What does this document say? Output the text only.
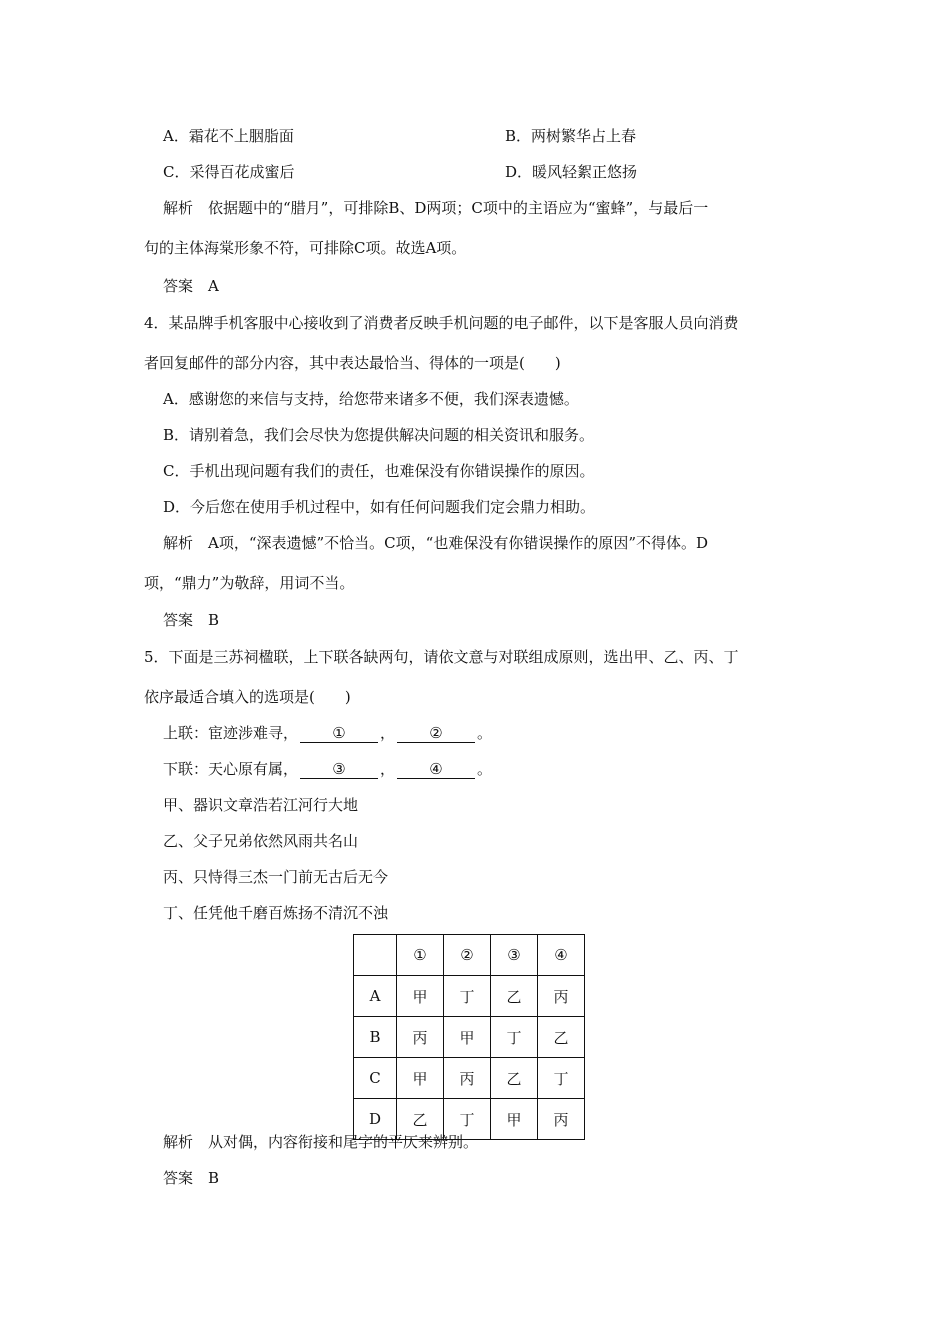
A．霜花不上胭脂面	B．两树繁华占上春
C．采得百花成蜜后	D．暖风轻絮正悠扬
解析　依据题中的“腊月”，可排除B、D两项；C项中的主语应为“蜜蜂”，与最后一
句的主体海棠形象不符，可排除C项。故选A项。
答案　A
4．某品牌手机客服中心接收到了消费者反映手机问题的电子邮件，以下是客服人员向消费
者回复邮件的部分内容，其中表达最恰当、得体的一项是(　　)
A．感谢您的来信与支持，给您带来诸多不便，我们深表遗憾。
B．请别着急，我们会尽快为您提供解决问题的相关资讯和服务。
C．手机出现问题有我们的责任，也难保没有你错误操作的原因。
D．今后您在使用手机过程中，如有任何问题我们定会鼎力相助。
解析　A项，“深表遗憾”不恰当。C项，“也难保没有你错误操作的原因”不得体。D
项，“鼎力”为敬辞，用词不当。
答案　B
5．下面是三苏祠楹联，上下联各缺两句，请依文意与对联组成原则，选出甲、乙、丙、丁
依序最适合填入的选项是(　　)
上联：宦迹涉难寻， ① ， ② 。
下联：天心原有属， ③ ， ④ 。
甲、器识文章浩若江河行大地
乙、父子兄弟依然风雨共名山
丙、只恃得三杰一门前无古后无今
丁、任凭他千磨百炼扬不清沉不浊
	①	②	③	④
A	甲	丁	乙	丙
B	丙	甲	丁	乙
C	甲	丙	乙	丁
D	乙	丁	甲	丙
解析　从对偶，内容衔接和尾字的平仄来辨别。
答案　B
